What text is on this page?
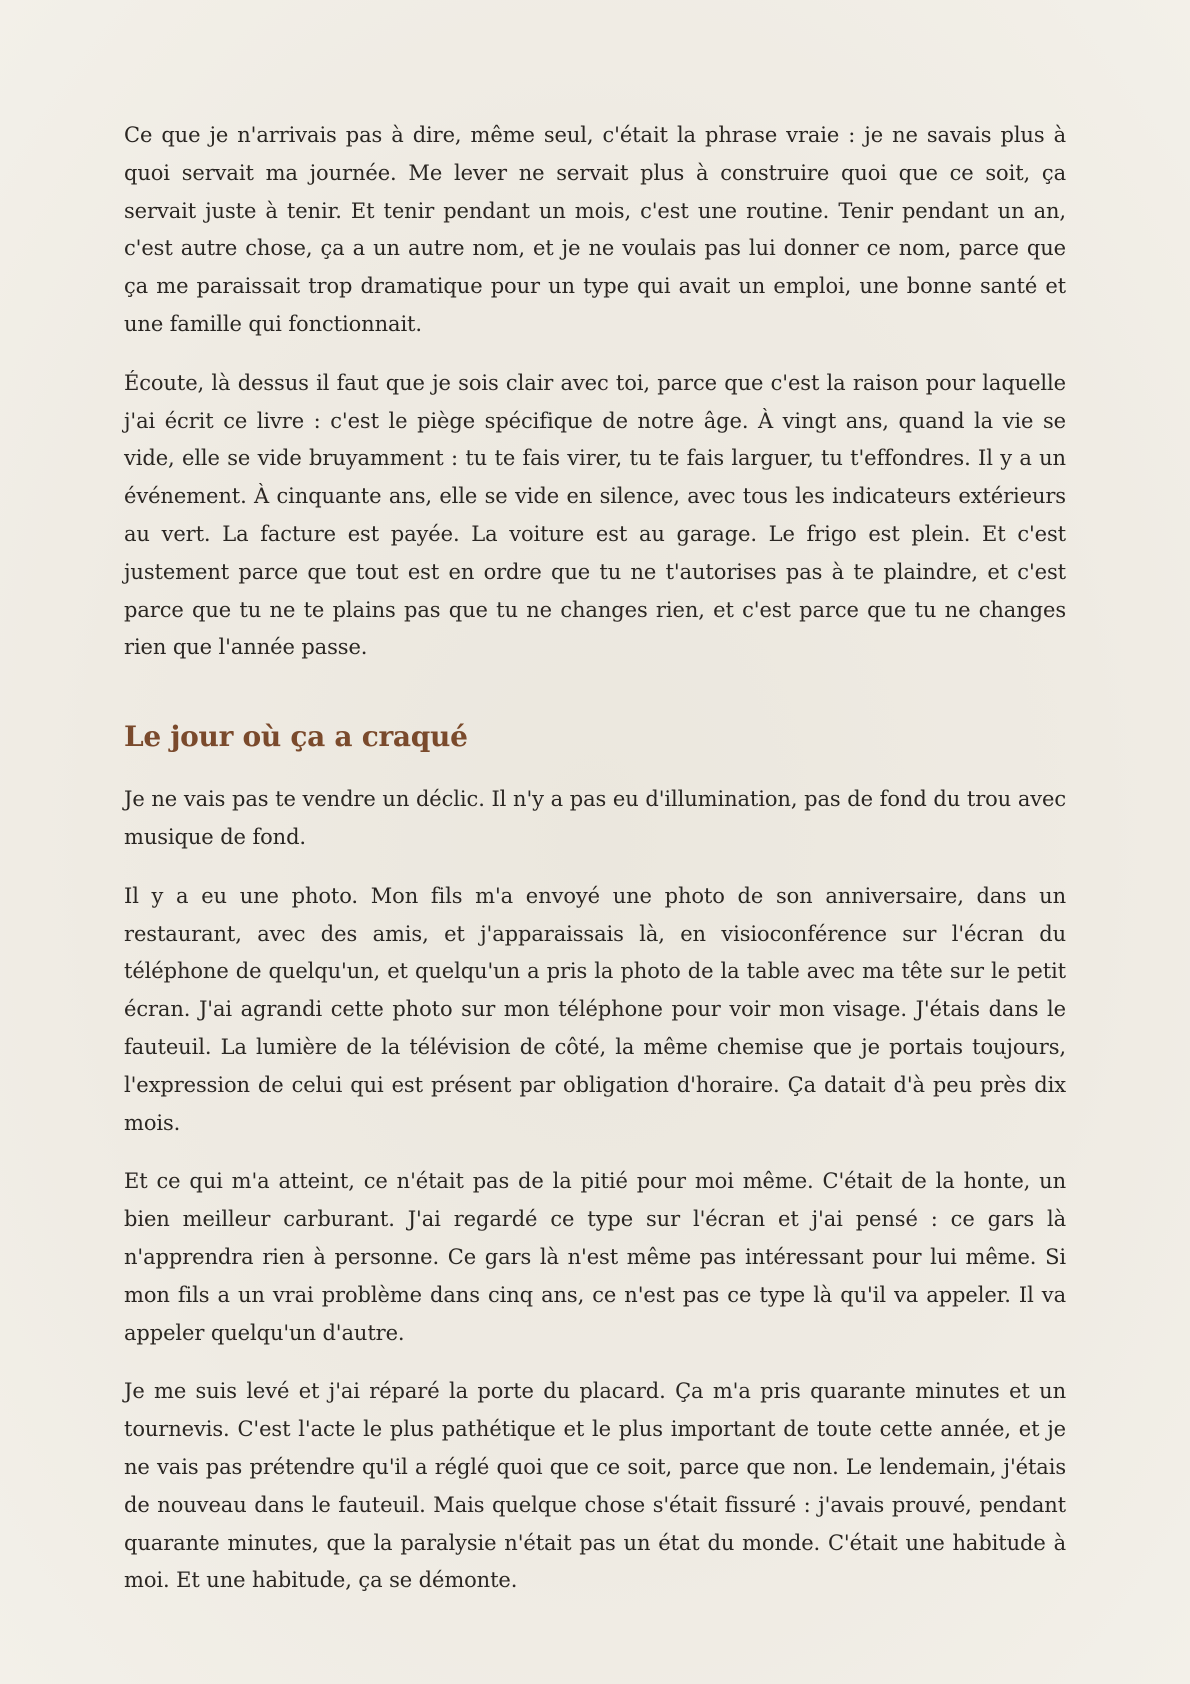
Ce que je n'arrivais pas à dire, même seul, c'était la phrase vraie : je ne savais plus à quoi servait ma journée. Me lever ne servait plus à construire quoi que ce soit, ça servait juste à tenir. Et tenir pendant un mois, c'est une routine. Tenir pendant un an, c'est autre chose, ça a un autre nom, et je ne voulais pas lui donner ce nom, parce que ça me paraissait trop dramatique pour un type qui avait un emploi, une bonne santé et une famille qui fonctionnait.

Écoute, là dessus il faut que je sois clair avec toi, parce que c'est la raison pour laquelle j'ai écrit ce livre : c'est le piège spécifique de notre âge. À vingt ans, quand la vie se vide, elle se vide bruyamment : tu te fais virer, tu te fais larguer, tu t'effondres. Il y a un événement. À cinquante ans, elle se vide en silence, avec tous les indicateurs extérieurs au vert. La facture est payée. La voiture est au garage. Le frigo est plein. Et c'est justement parce que tout est en ordre que tu ne t'autorises pas à te plaindre, et c'est parce que tu ne te plains pas que tu ne changes rien, et c'est parce que tu ne changes rien que l'année passe.

Le jour où ça a craqué

Je ne vais pas te vendre un déclic. Il n'y a pas eu d'illumination, pas de fond du trou avec musique de fond.

Il y a eu une photo. Mon fils m'a envoyé une photo de son anniversaire, dans un restaurant, avec des amis, et j'apparaissais là, en visioconférence sur l'écran du téléphone de quelqu'un, et quelqu'un a pris la photo de la table avec ma tête sur le petit écran. J'ai agrandi cette photo sur mon téléphone pour voir mon visage. J'étais dans le fauteuil. La lumière de la télévision de côté, la même chemise que je portais toujours, l'expression de celui qui est présent par obligation d'horaire. Ça datait d'à peu près dix mois.

Et ce qui m'a atteint, ce n'était pas de la pitié pour moi même. C'était de la honte, un bien meilleur carburant. J'ai regardé ce type sur l'écran et j'ai pensé : ce gars là n'apprendra rien à personne. Ce gars là n'est même pas intéressant pour lui même. Si mon fils a un vrai problème dans cinq ans, ce n'est pas ce type là qu'il va appeler. Il va appeler quelqu'un d'autre.

Je me suis levé et j'ai réparé la porte du placard. Ça m'a pris quarante minutes et un tournevis. C'est l'acte le plus pathétique et le plus important de toute cette année, et je ne vais pas prétendre qu'il a réglé quoi que ce soit, parce que non. Le lendemain, j'étais de nouveau dans le fauteuil. Mais quelque chose s'était fissuré : j'avais prouvé, pendant quarante minutes, que la paralysie n'était pas un état du monde. C'était une habitude à moi. Et une habitude, ça se démonte.
